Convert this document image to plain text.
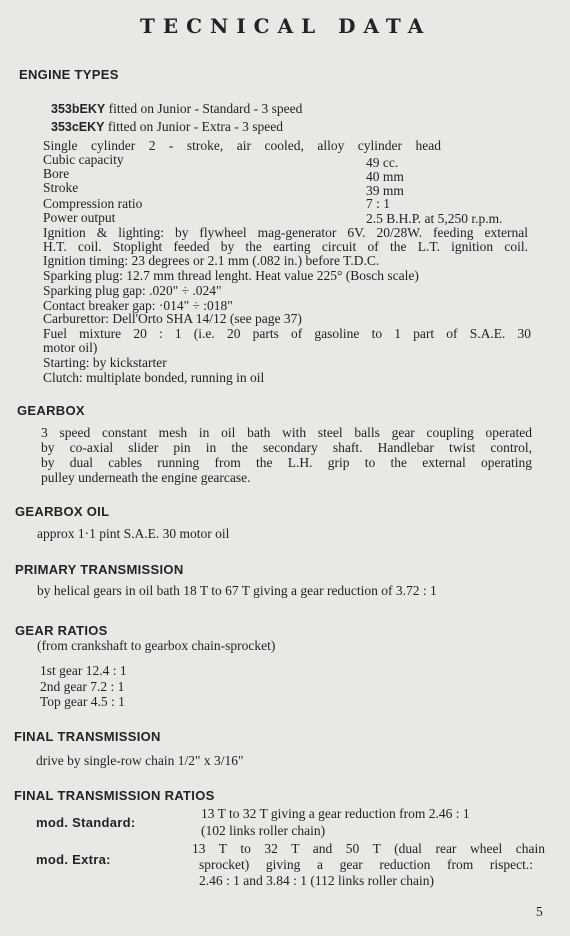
TECNICAL DATA
ENGINE TYPES
353bEKY fitted on Junior - Standard - 3 speed
353cEKY fitted on Junior - Extra - 3 speed
Single cylinder 2 - stroke, air cooled, alloy cylinder head
Cubic capacity	49 cc.
Bore	40 mm
Stroke	39 mm
Compression ratio	7 : 1
Power output	2.5 B.H.P. at 5,250 r.p.m.
Ignition & lighting: by flywheel mag-generator 6V. 20/28W. feeding external
H.T. coil. Stoplight feeded by the earting circuit of the L.T. ignition coil.
Ignition timing: 23 degrees or 2.1 mm (.082 in.) before T.D.C.
Sparking plug: 12.7 mm thread lenght. Heat value 225° (Bosch scale)
Sparking plug gap: .020" ÷ .024"
Contact breaker gap: ·014" ÷ :018"
Carburettor: Dell'Orto SHA 14/12 (see page 37)
Fuel mixture 20 : 1 (i.e. 20 parts of gasoline to 1 part of S.A.E. 30
motor oil)
Starting: by kickstarter
Clutch: multiplate bonded, running in oil
GEARBOX
3 speed constant mesh in oil bath with steel balls gear coupling operated
by co-axial slider pin in the secondary shaft. Handlebar twist control,
by dual cables running from the L.H. grip to the external operating
pulley underneath the engine gearcase.
GEARBOX OIL
approx 1·1 pint S.A.E. 30 motor oil
PRIMARY TRANSMISSION
by helical gears in oil bath 18 T to 67 T giving a gear reduction of 3.72 : 1
GEAR RATIOS
(from crankshaft to gearbox chain-sprocket)
1st gear 12.4 : 1
2nd gear 7.2 : 1
Top gear 4.5 : 1
FINAL TRANSMISSION
drive by single-row chain 1/2" x 3/16"
FINAL TRANSMISSION RATIOS
mod. Standard:
13 T to 32 T giving a gear reduction from 2.46 : 1
(102 links roller chain)
mod. Extra:
13 T to 32 T and 50 T (dual rear wheel chain
sprocket) giving a gear reduction from rispect.:
2.46 : 1 and 3.84 : 1 (112 links roller chain)
5
